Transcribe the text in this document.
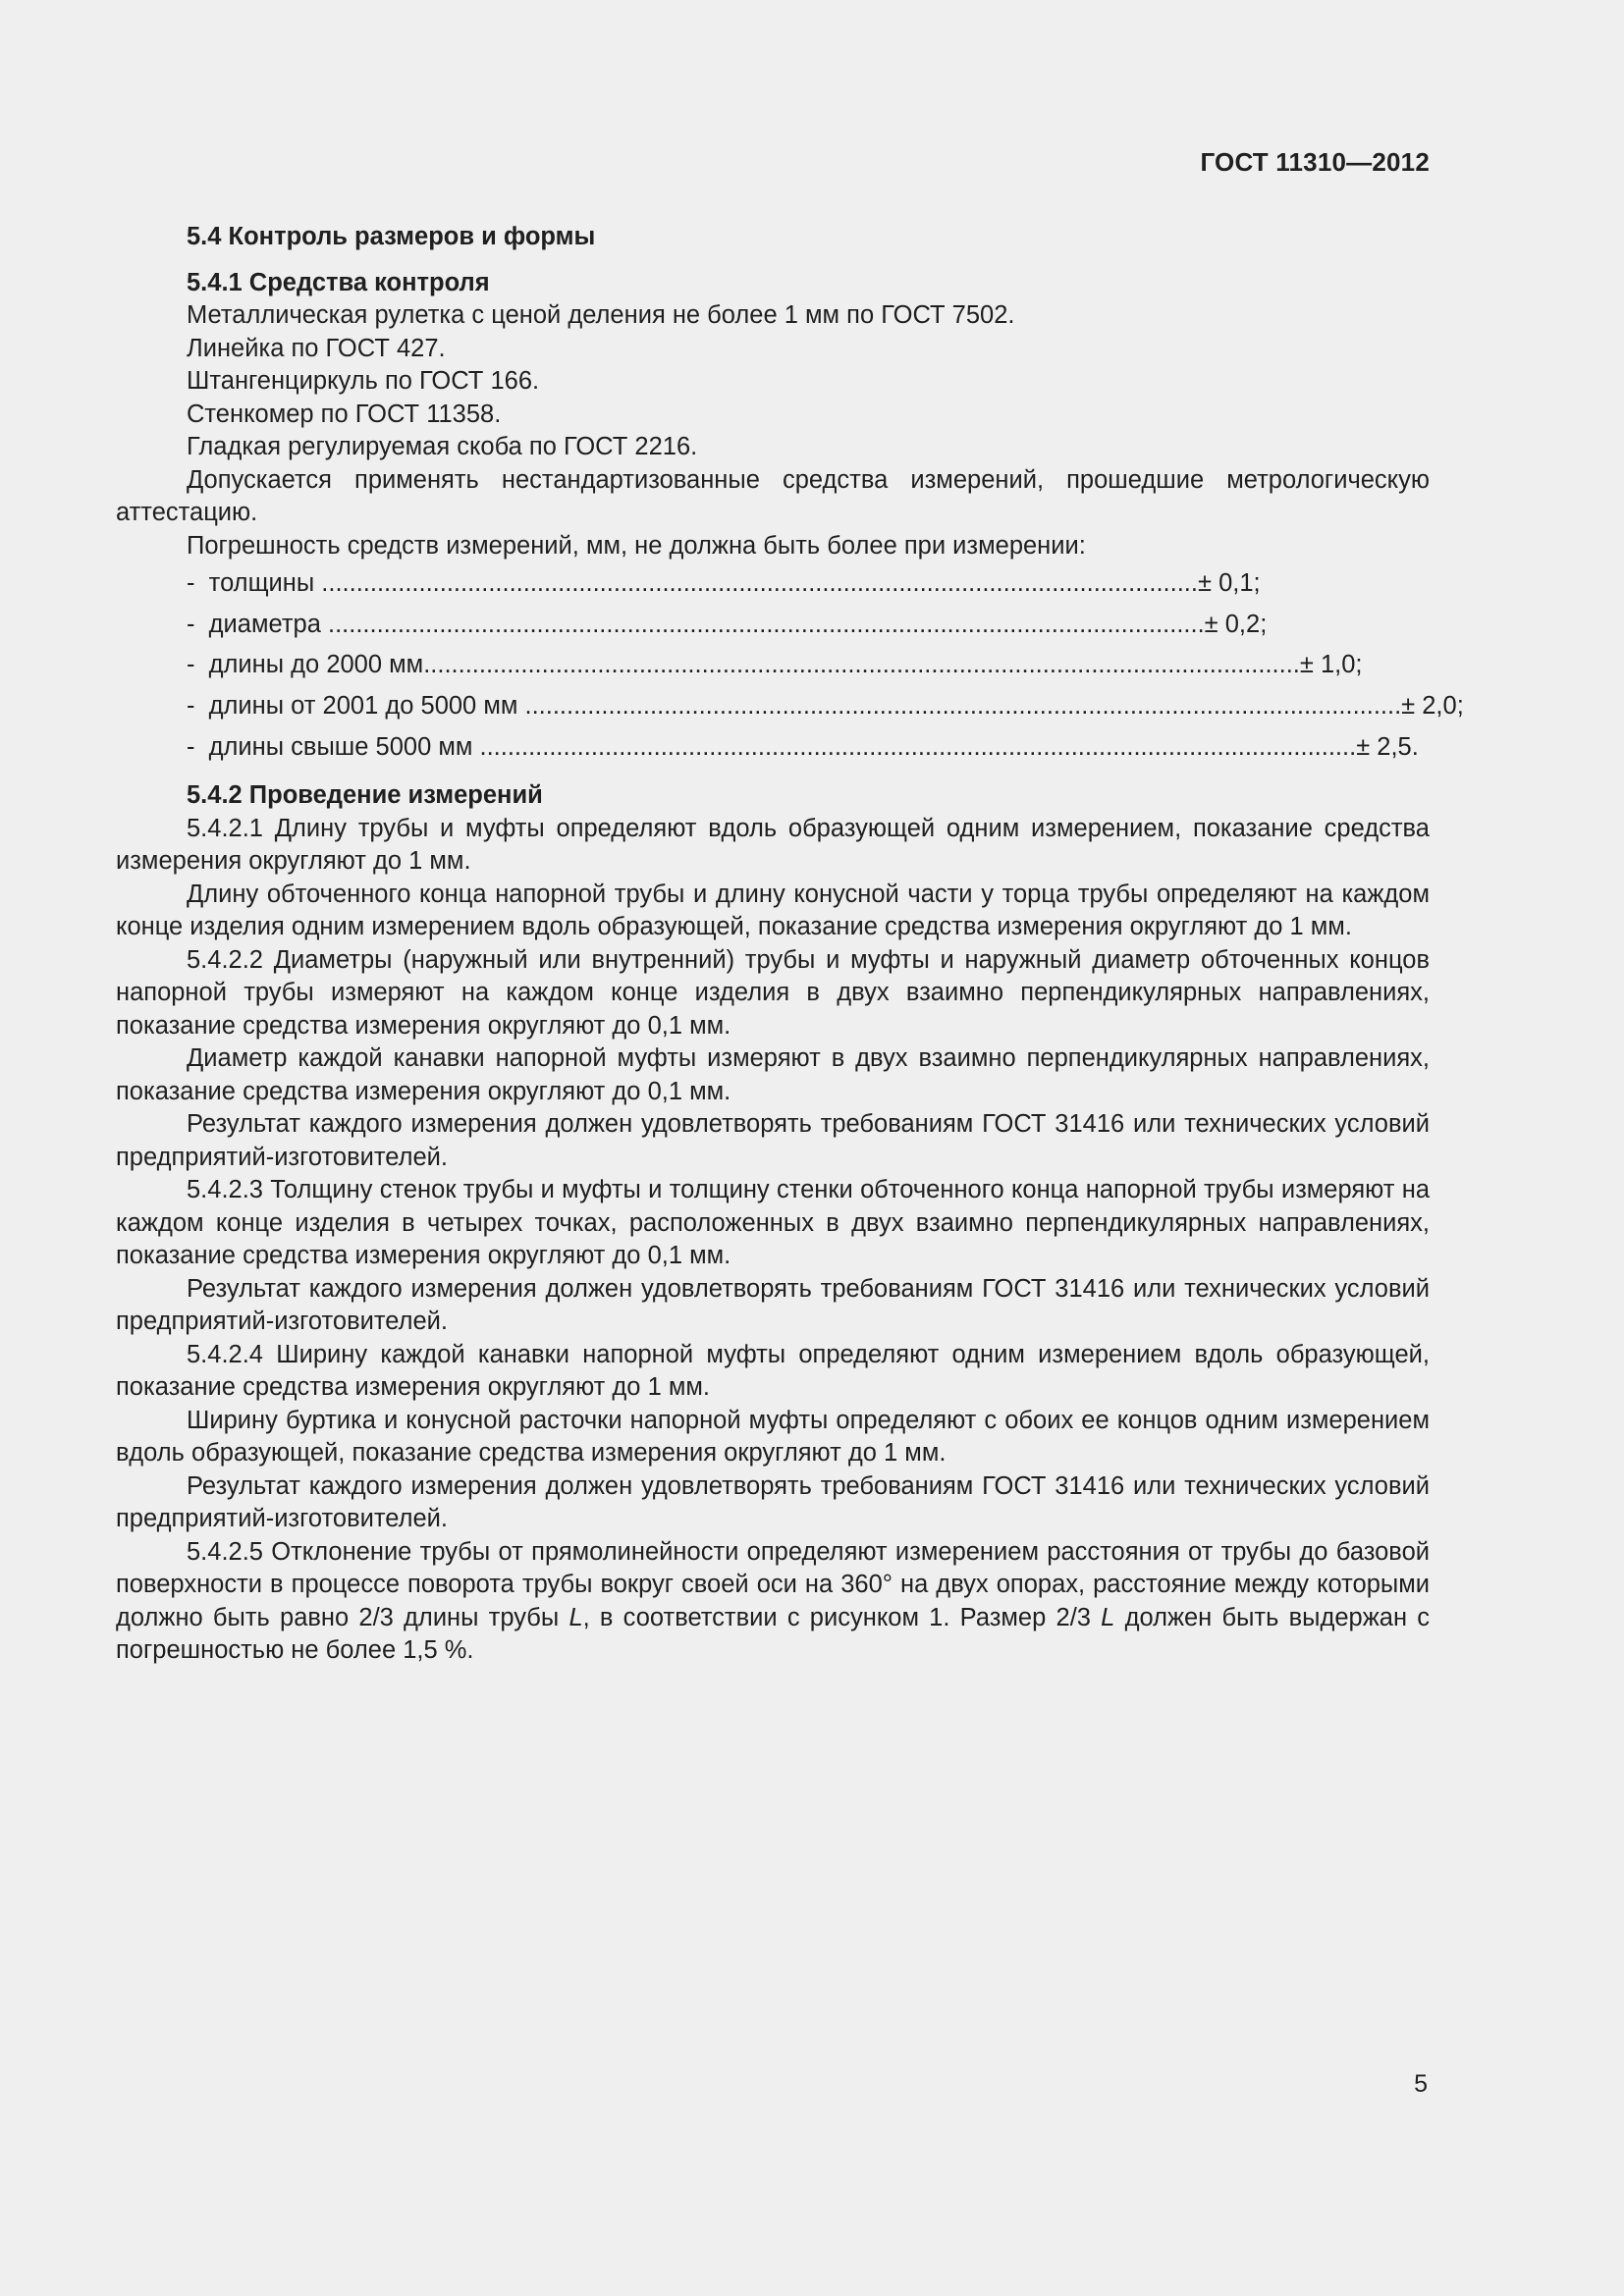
ГОСТ 11310—2012

5.4 Контроль размеров и формы

5.4.1 Средства контроля

Металлическая рулетка с ценой деления не более 1 мм по ГОСТ 7502.

Линейка по ГОСТ 427.

Штангенциркуль по ГОСТ 166.

Стенкомер по ГОСТ 11358.

Гладкая регулируемая скоба по ГОСТ 2216.

Допускается применять нестандартизованные средства измерений, прошедшие метрологическую аттестацию.

Погрешность средств измерений, мм, не должна быть более при измерении:

-  толщины .............................................................................................................................. ± 0,1;
-  диаметра .............................................................................................................................. ± 0,2;
-  длины до 2000 мм .............................................................................................................................. ± 1,0;
-  длины от 2001 до 5000 мм .............................................................................................................................. ± 2,0;
-  длины свыше 5000 мм .............................................................................................................................. ± 2,5.

5.4.2 Проведение измерений

5.4.2.1 Длину трубы и муфты определяют вдоль образующей одним измерением, показание средства измерения округляют до 1 мм.

Длину обточенного конца напорной трубы и длину конусной части у торца трубы определяют на каждом конце изделия одним измерением вдоль образующей, показание средства измерения округляют до 1 мм.

5.4.2.2 Диаметры (наружный или внутренний) трубы и муфты и наружный диаметр обточенных концов напорной трубы измеряют на каждом конце изделия в двух взаимно перпендикулярных направлениях, показание средства измерения округляют до 0,1 мм.

Диаметр каждой канавки напорной муфты измеряют в двух взаимно перпендикулярных направлениях, показание средства измерения округляют до 0,1 мм.

Результат каждого измерения должен удовлетворять требованиям ГОСТ 31416 или технических условий предприятий-изготовителей.

5.4.2.3 Толщину стенок трубы и муфты и толщину стенки обточенного конца напорной трубы измеряют на каждом конце изделия в четырех точках, расположенных в двух взаимно перпендикулярных направлениях, показание средства измерения округляют до 0,1 мм.

Результат каждого измерения должен удовлетворять требованиям ГОСТ 31416 или технических условий предприятий-изготовителей.

5.4.2.4 Ширину каждой канавки напорной муфты определяют одним измерением вдоль образующей, показание средства измерения округляют до 1 мм.

Ширину буртика и конусной расточки напорной муфты определяют с обоих ее концов одним измерением вдоль образующей, показание средства измерения округляют до 1 мм.

Результат каждого измерения должен удовлетворять требованиям ГОСТ 31416 или технических условий предприятий-изготовителей.

5.4.2.5 Отклонение трубы от прямолинейности определяют измерением расстояния от трубы до базовой поверхности в процессе поворота трубы вокруг своей оси на 360° на двух опорах, расстояние между которыми должно быть равно 2/3 длины трубы L, в соответствии с рисунком 1. Размер 2/3 L должен быть выдержан с погрешностью не более 1,5 %.

5
